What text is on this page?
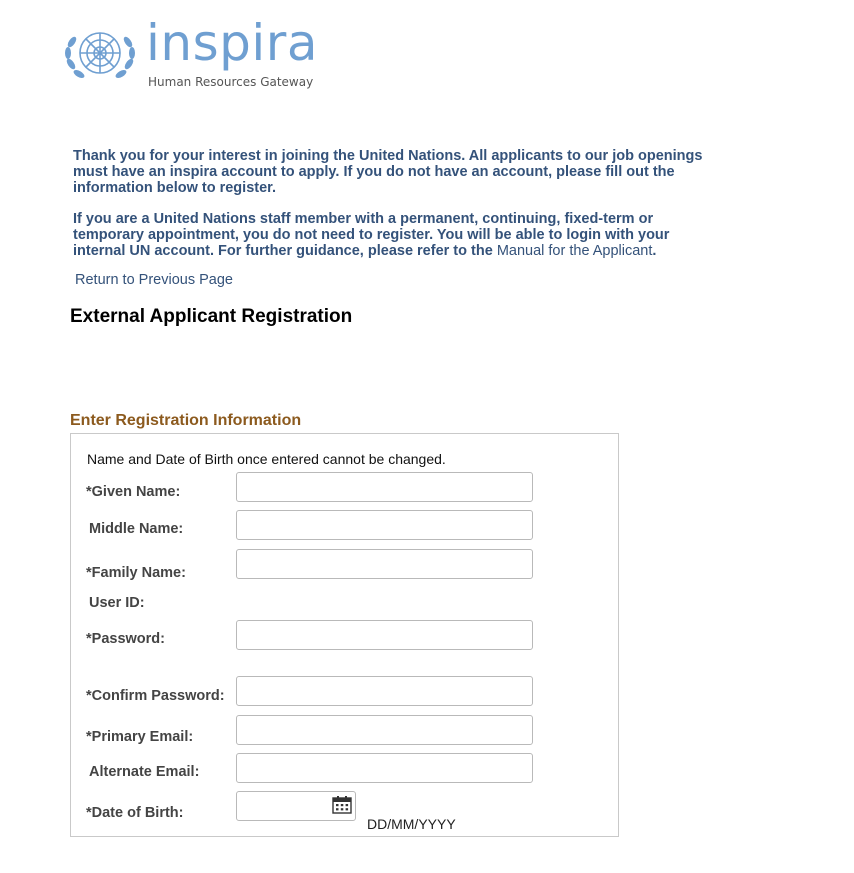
inspira
Human Resources Gateway

Thank you for your interest in joining the United Nations. All applicants to our job openings must have an inspira account to apply. If you do not have an account, please fill out the information below to register.

If you are a United Nations staff member with a permanent, continuing, fixed-term or temporary appointment, you do not need to register. You will be able to login with your internal UN account. For further guidance, please refer to the Manual for the Applicant.

Return to Previous Page
External Applicant Registration
Enter Registration Information
Name and Date of Birth once entered cannot be changed.
*Given Name:
Middle Name:
*Family Name:
User ID:
*Password:
*Confirm Password:
*Primary Email:
Alternate Email:
*Date of Birth:
DD/MM/YYYY
